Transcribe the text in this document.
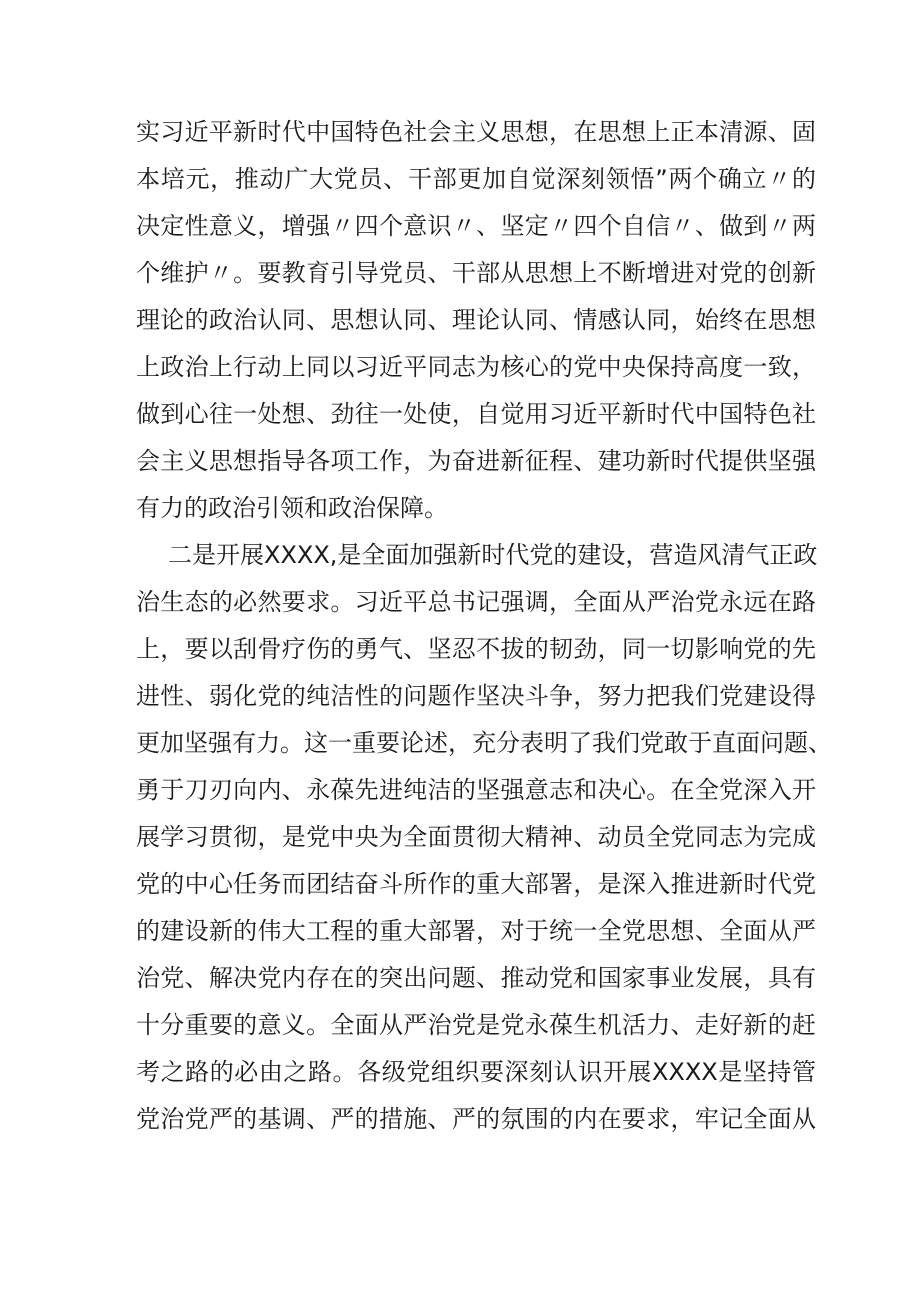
实习近平新时代中国特色社会主义思想，在思想上正本清源、固
本培元，推动广大党员、干部更加自觉深刻领悟”两个确立〃的
决定性意义，增强〃四个意识〃、坚定〃四个自信〃、做到〃两
个维护〃。要教育引导党员、干部从思想上不断增进对党的创新
理论的政治认同、思想认同、理论认同、情感认同，始终在思想
上政治上行动上同以习近平同志为核心的党中央保持高度一致，
做到心往一处想、劲往一处使，自觉用习近平新时代中国特色社
会主义思想指导各项工作，为奋进新征程、建功新时代提供坚强
有力的政治引领和政治保障。
二是开展XXXX,是全面加强新时代党的建设，营造风清气正政
治生态的必然要求。习近平总书记强调，全面从严治党永远在路
上，要以刮骨疗伤的勇气、坚忍不拔的韧劲，同一切影响党的先
进性、弱化党的纯洁性的问题作坚决斗争，努力把我们党建设得
更加坚强有力。这一重要论述，充分表明了我们党敢于直面问题、
勇于刀刃向内、永葆先进纯洁的坚强意志和决心。在全党深入开
展学习贯彻，是党中央为全面贯彻大精神、动员全党同志为完成
党的中心任务而团结奋斗所作的重大部署，是深入推进新时代党
的建设新的伟大工程的重大部署，对于统一全党思想、全面从严
治党、解决党内存在的突出问题、推动党和国家事业发展，具有
十分重要的意义。全面从严治党是党永葆生机活力、走好新的赶
考之路的必由之路。各级党组织要深刻认识开展XXXX是坚持管
党治党严的基调、严的措施、严的氛围的内在要求，牢记全面从
